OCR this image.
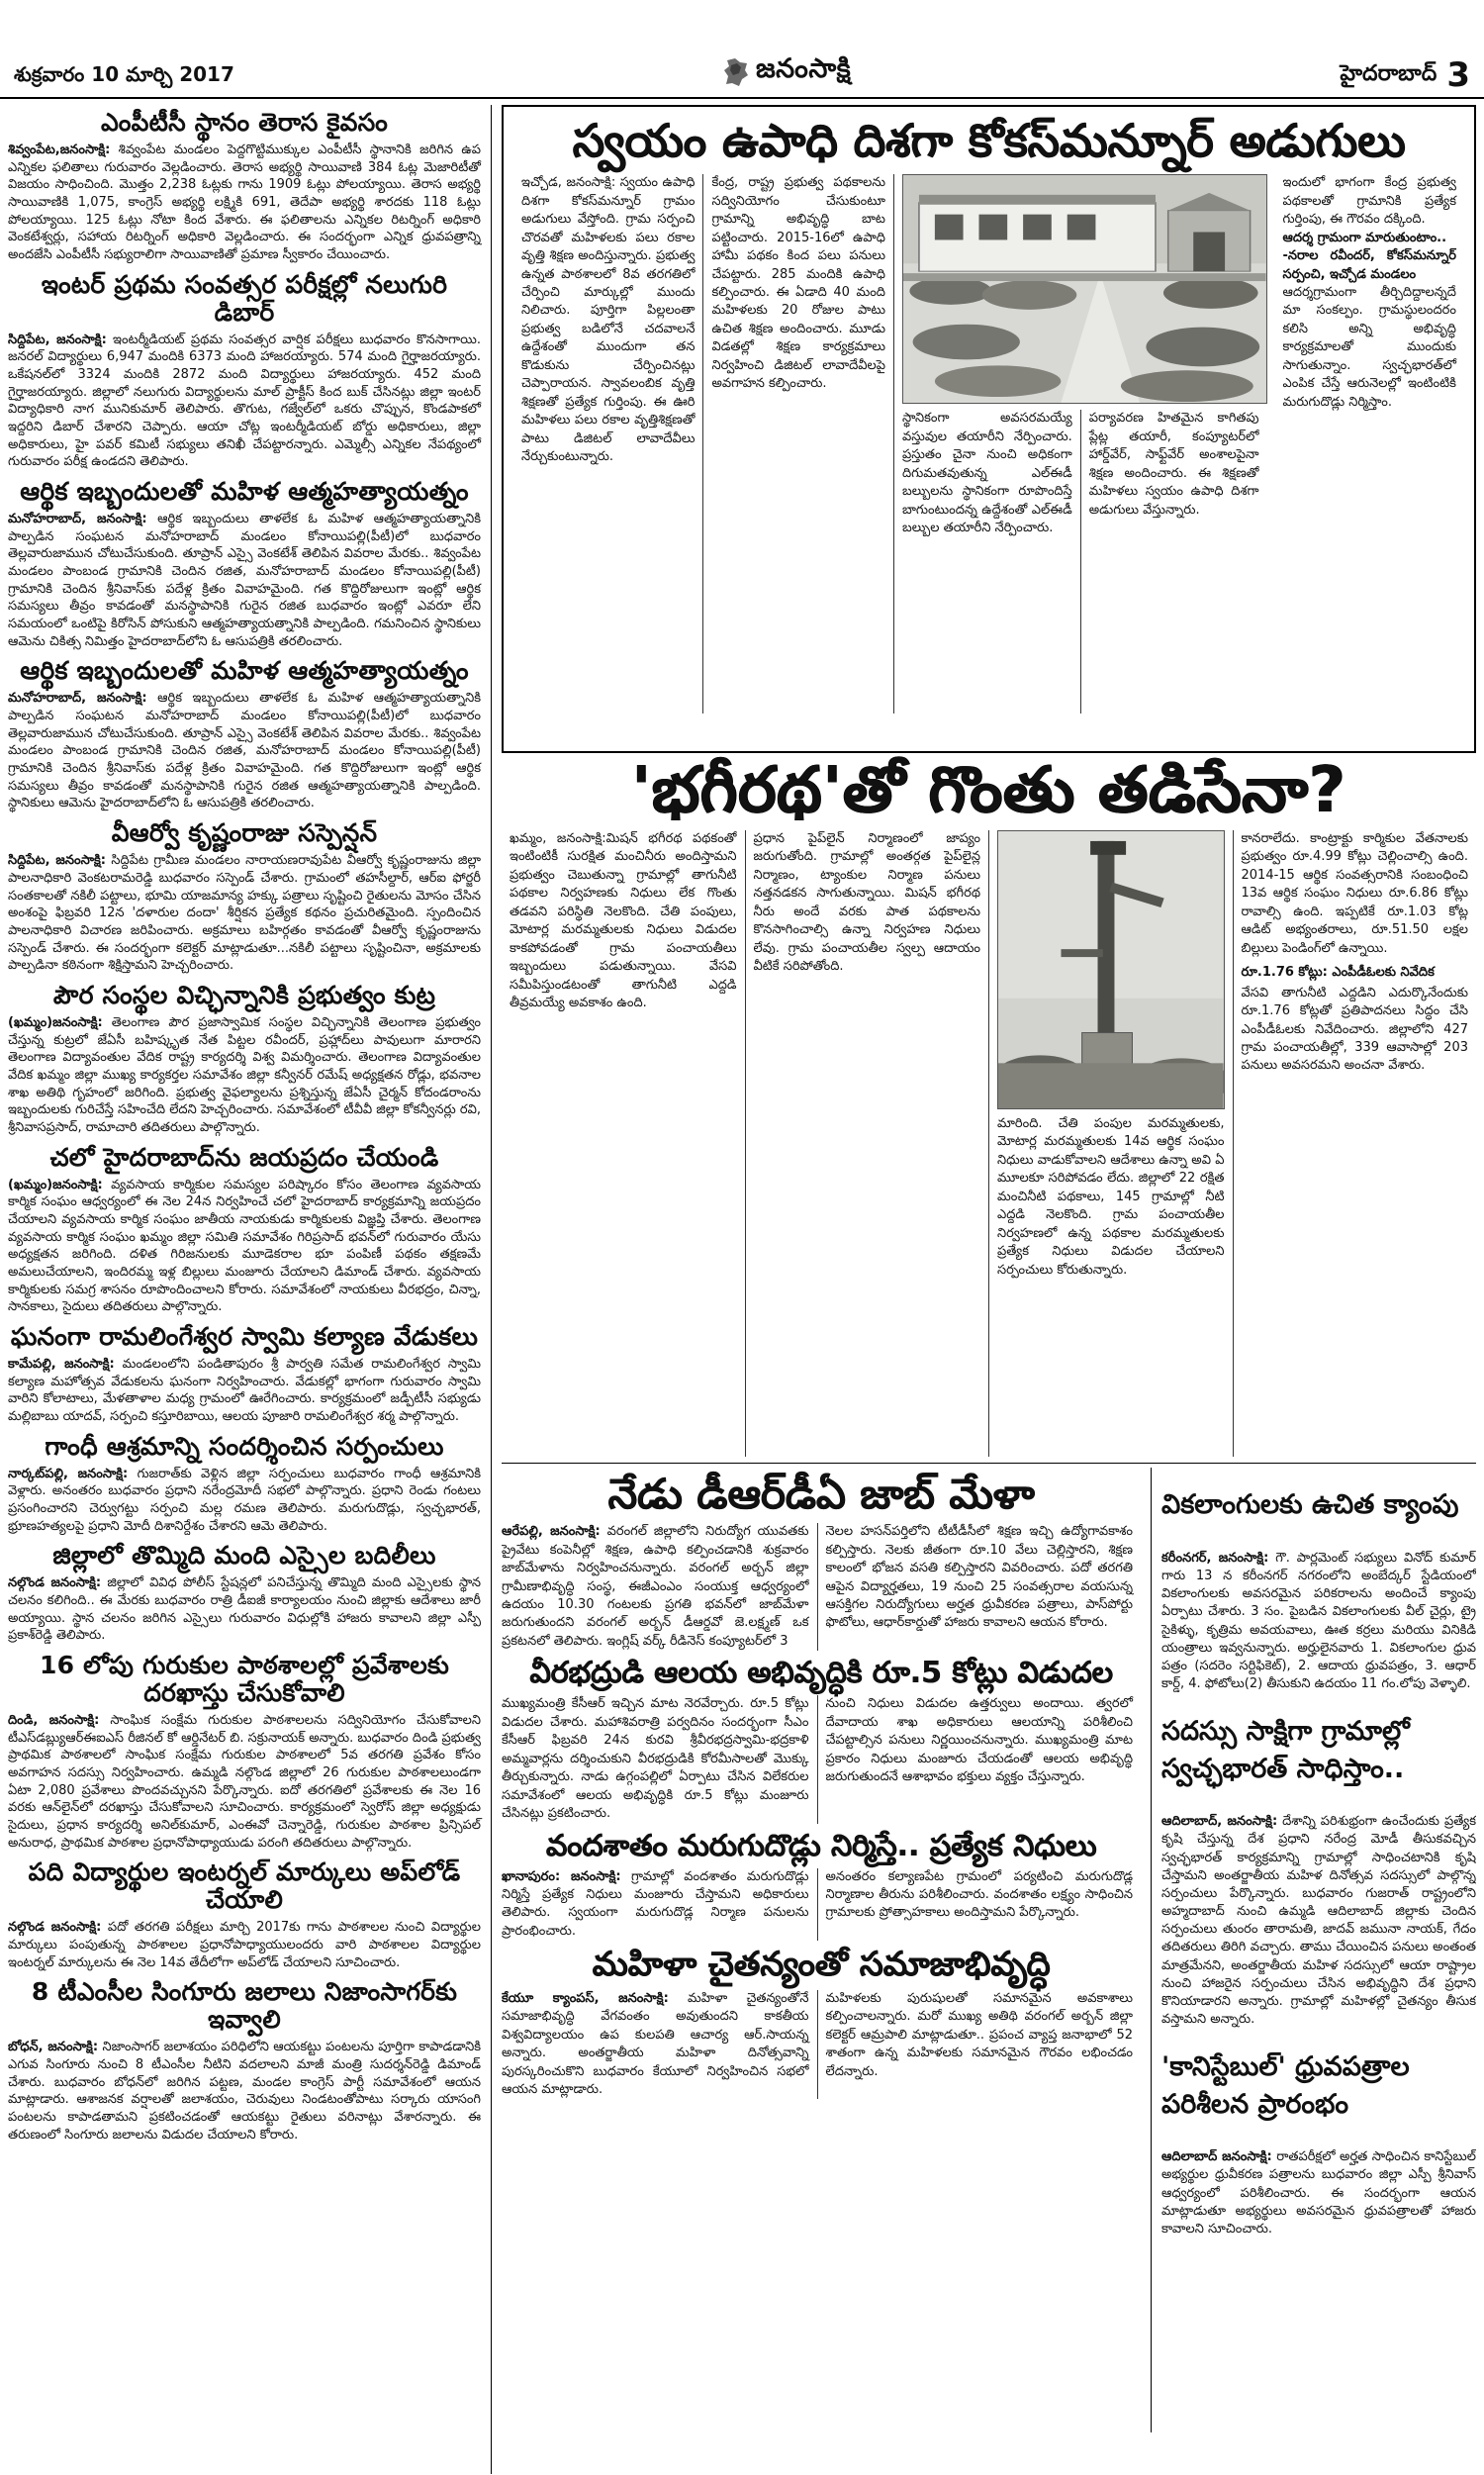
శుక్రవారం 10 మార్చి 2017	జనంసాక్షి	హైదరాబాద్ 3
ఎంపీటీసీ స్థానం తెరాస కైవసం

శివ్వంపేట,జనంసాక్షి: శివ్వంపేట మండలం పెద్దగొట్టిముక్కుల ఎంపీటీసీ స్థానానికి జరిగిన ఉప ఎన్నికల ఫలితాలు గురువారం వెల్లడించారు. తెరాస అభ్యర్థి సాయివాణి 384 ఓట్ల మెజారిటీతో విజయం సాధించింది. మొత్తం 2,238 ఓట్లకు గాను 1909 ఓట్లు పోలయ్యాయి. తెరాస అభ్యర్థి సాయివాణికి 1,075, కాంగ్రెస్ అభ్యర్థి లక్ష్మికి 691, తెదేపా అభ్యర్థి శారదకు 118 ఓట్లు పోలయ్యాయి. 125 ఓట్లు నోటా కింద వేశారు. ఈ ఫలితాలను ఎన్నికల రిటర్నింగ్ అధికారి వెంకటేశ్వర్లు, సహాయ రిటర్నింగ్ అధికారి వెల్లడించారు. ఈ సందర్భంగా ఎన్నిక ధ్రువపత్రాన్ని అందజేసి ఎంపీటీసీ సభ్యురాలిగా సాయివాణితో ప్రమాణ స్వీకారం చేయించారు.

ఇంటర్ ప్రథమ సంవత్సర పరీక్షల్లో నలుగురి డిబార్

సిద్దిపేట, జనంసాక్షి: ఇంటర్మీడియట్ ప్రథమ సంవత్సర వార్షిక పరీక్షలు బుధవారం కొనసాగాయి. జనరల్ విద్యార్థులు 6,947 మందికి 6373 మంది హాజరయ్యారు. 574 మంది గైర్హాజరయ్యారు. ఒకేషనల్‌లో 3324 మందికి 2872 మంది విద్యార్థులు హాజరయ్యారు. 452 మంది గైర్హాజరయ్యారు. జిల్లాలో నలుగురు విద్యార్థులను మాల్ ప్రాక్టీస్ కింద బుక్ చేసినట్లు జిల్లా ఇంటర్ విద్యాధికారి నాగ మునికుమార్ తెలిపారు. తొగుట, గజ్వేల్‌లో ఒకరు చొప్పున, కొండపాకలో ఇద్దరిని డిబార్ చేశారని చెప్పారు. ఆయా చోట్ల ఇంటర్మీడియట్ బోర్డు అధికారులు, జిల్లా అధికారులు, హై పవర్ కమిటీ సభ్యులు తనిఖీ చేపట్టారన్నారు. ఎమ్మెల్సీ ఎన్నికల నేపథ్యంలో గురువారం పరీక్ష ఉండదని తెలిపారు.

ఆర్థిక ఇబ్బందులతో మహిళ ఆత్మహత్యాయత్నం

మనోహరాబాద్, జనంసాక్షి: ఆర్థిక ఇబ్బందులు తాళలేక ఓ మహిళ ఆత్మహత్యాయత్నానికి పాల్పడిన సంఘటన మనోహరాబాద్ మండలం కోనాయిపల్లి(పీటీ)లో బుధవారం తెల్లవారుజామున చోటుచేసుకుంది. తూప్రాన్ ఎస్సై వెంకటేశ్ తెలిపిన వివరాల మేరకు.. శివ్వంపేట మండలం పాంబండ గ్రామానికి చెందిన రజిత, మనోహరాబాద్ మండలం కోనాయిపల్లి(పీటీ) గ్రామానికి చెందిన శ్రీనివాస్‌కు పదేళ్ల క్రితం వివాహమైంది. గత కొద్దిరోజులుగా ఇంట్లో ఆర్థిక సమస్యలు తీవ్రం కావడంతో మనస్థాపానికి గురైన రజిత బుధవారం ఇంట్లో ఎవరూ లేని సమయంలో ఒంటిపై కిరోసిన్ పోసుకుని ఆత్మహత్యాయత్నానికి పాల్పడింది. గమనించిన స్థానికులు ఆమెను చికిత్స నిమిత్తం హైదరాబాద్‌లోని ఓ ఆసుపత్రికి తరలించారు.

ఆర్థిక ఇబ్బందులతో మహిళ ఆత్మహత్యాయత్నం

మనోహరాబాద్, జనంసాక్షి: ఆర్థిక ఇబ్బందులు తాళలేక ఓ మహిళ ఆత్మహత్యాయత్నానికి పాల్పడిన సంఘటన మనోహరాబాద్ మండలం కోనాయిపల్లి(పీటీ)లో బుధవారం తెల్లవారుజామున చోటుచేసుకుంది. తూప్రాన్ ఎస్సై వెంకటేశ్ తెలిపిన వివరాల మేరకు.. శివ్వంపేట మండలం పాంబండ గ్రామానికి చెందిన రజిత, మనోహరాబాద్ మండలం కోనాయిపల్లి(పీటీ) గ్రామానికి చెందిన శ్రీనివాస్‌కు పదేళ్ల క్రితం వివాహమైంది. గత కొద్దిరోజులుగా ఇంట్లో ఆర్థిక సమస్యలు తీవ్రం కావడంతో మనస్థాపానికి గురైన రజిత ఆత్మహత్యాయత్నానికి పాల్పడింది. స్థానికులు ఆమెను హైదరాబాద్‌లోని ఓ ఆసుపత్రికి తరలించారు.

వీఆర్వో కృష్ణంరాజు సస్పెన్షన్

సిద్దిపేట, జనంసాక్షి: సిద్దిపేట గ్రామీణ మండలం నారాయణరావుపేట వీఆర్వో కృష్ణంరాజును జిల్లా పాలనాధికారి వెంకటరామరెడ్డి బుధవారం సస్పెండ్ చేశారు. గ్రామంలో తహసీల్దార్, ఆర్ఐ ఫోర్జరీ సంతకాలతో నకిలీ పట్టాలు, భూమి యాజమాన్య హక్కు పత్రాలు సృష్టించి రైతులను మోసం చేసిన అంశంపై ఫిబ్రవరి 12న 'దళారుల దందా' శీర్షికన ప్రత్యేక కథనం ప్రచురితమైంది. స్పందించిన పాలనాధికారి విచారణ జరిపించారు. అక్రమాలు బహిర్గతం కావడంతో వీఆర్వో కృష్ణంరాజును సస్పెండ్ చేశారు. ఈ సందర్భంగా కలెక్టర్ మాట్లాడుతూ...నకిలీ పట్టాలు సృష్టించినా, అక్రమాలకు పాల్పడినా కఠినంగా శిక్షిస్తామని హెచ్చరించారు.

పౌర సంస్థల విచ్ఛిన్నానికి ప్రభుత్వం కుట్ర

(ఖమ్మం)జనంసాక్షి: తెలంగాణ పౌర ప్రజాస్వామిక సంస్థల విచ్ఛిన్నానికి తెలంగాణ ప్రభుత్వం చేస్తున్న కుట్రలో జేఏసీ బహిష్కృత నేత పిట్టల రవీందర్, ప్రహ్లాద్‌లు పావులుగా మారారని తెలంగాణ విద్యావంతుల వేదిక రాష్ట్ర కార్యదర్శి విశ్వ విమర్శించారు. తెలంగాణ విద్యావంతుల వేదిక ఖమ్మం జిల్లా ముఖ్య కార్యకర్తల సమావేశం జిల్లా కన్వీనర్ రమేష్ అధ్యక్షతన రోడ్లు, భవనాల శాఖ అతిథి గృహంలో జరిగింది. ప్రభుత్వ వైఫల్యాలను ప్రశ్నిస్తున్న జేఏసీ చైర్మన్ కోదండరాంను ఇబ్బందులకు గురిచేస్తే సహించేది లేదని హెచ్చరించారు. సమావేశంలో టీవీవీ జిల్లా కోకన్వీనర్లు రవి, శ్రీనివాసప్రసాద్, రామాచారి తదితరులు పాల్గొన్నారు.

చలో హైదరాబాద్‌ను జయప్రదం చేయండి

(ఖమ్మం)జనంసాక్షి: వ్యవసాయ కార్మికుల సమస్యల పరిష్కారం కోసం తెలంగాణ వ్యవసాయ కార్మిక సంఘం ఆధ్వర్యంలో ఈ నెల 24న నిర్వహించే చలో హైదరాబాద్ కార్యక్రమాన్ని జయప్రదం చేయాలని వ్యవసాయ కార్మిక సంఘం జాతీయ నాయకుడు కార్మికులకు విజ్ఞప్తి చేశారు. తెలంగాణ వ్యవసాయ కార్మిక సంఘం ఖమ్మం జిల్లా సమితి సమావేశం గిరిప్రసాద్ భవన్‌లో గురువారం యేసు అధ్యక్షతన జరిగింది. దళిత గిరిజనులకు మూడెకరాల భూ పంపిణీ పథకం తక్షణమే అమలుచేయాలని, ఇందిరమ్మ ఇళ్ల బిల్లులు మంజూరు చేయాలని డిమాండ్ చేశారు. వ్యవసాయ కార్మికులకు సమగ్ర శాసనం రూపొందించాలని కోరారు. సమావేశంలో నాయకులు వీరభద్రం, చిన్నా, సానకాలు, సైదులు తదితరులు పాల్గొన్నారు.

ఘనంగా రామలింగేశ్వర స్వామి కల్యాణ వేడుకలు

కామేపల్లి, జనంసాక్షి: మండలంలోని పండితాపురం శ్రీ పార్వతి సమేత రామలింగేశ్వర స్వామి కల్యాణ మహోత్సవ వేడుకలను ఘనంగా నిర్వహించారు. వేడుకల్లో భాగంగా గురువారం స్వామి వారిని కోలాటాలు, మేళతాళాల మధ్య గ్రామంలో ఊరేగించారు. కార్యక్రమంలో జడ్పీటీసీ సభ్యుడు మల్లిబాబు యాదవ్, సర్పంచి కస్తూరిబాయి, ఆలయ పూజారి రామలింగేశ్వర శర్మ పాల్గొన్నారు.

గాంధీ ఆశ్రమాన్ని సందర్శించిన సర్పంచులు

నార్కట్‌పల్లి, జనంసాక్షి: గుజరాత్‌కు వెళ్లిన జిల్లా సర్పంచులు బుధవారం గాంధీ ఆశ్రమానికి వెళ్లారు. అనంతరం బుధవారం ప్రధాని నరేంద్రమోదీ సభలో పాల్గొన్నారు. ప్రధాని రెండు గంటలు ప్రసంగించారని చెర్వుగట్టు సర్పంచి మల్ల రమణ తెలిపారు. మరుగుదొడ్లు, స్వచ్ఛభారత్, భ్రూణహత్యలపై ప్రధాని మోదీ దిశానిర్దేశం చేశారని ఆమె తెలిపారు.

జిల్లాలో తొమ్మిది మంది ఎస్సైల బదిలీలు

నల్గొండ జనంసాక్షి: జిల్లాలో వివిధ పోలీస్ స్టేషన్లలో పనిచేస్తున్న తొమ్మిది మంది ఎస్సైలకు స్థాన చలనం కలిగింది.. ఈ మేరకు బుధవారం రాత్రి డీఐజీ కార్యాలయం నుంచి జిల్లాకు ఆదేశాలు జారీ అయ్యాయి. స్థాన చలనం జరిగిన ఎస్సైలు గురువారం విధుల్లోకి హాజరు కావాలని జిల్లా ఎస్పీ ప్రకాశ్‌రెడ్డి తెలిపారు.

16 లోపు గురుకుల పాఠశాలల్లో ప్రవేశాలకు దరఖాస్తు చేసుకోవాలి

దిండి, జనంసాక్షి: సాంఘిక సంక్షేమ గురుకుల పాఠశాలలను సద్వినియోగం చేసుకోవాలని టీఎస్‌డబ్ల్యుఆర్ఈఐఎస్ రీజినల్ కో ఆర్డినేటర్ బి. సక్రునాయక్ అన్నారు. బుధవారం దిండి ప్రభుత్వ ప్రాథమిక పాఠశాలలో సాంఘిక సంక్షేమ గురుకుల పాఠశాలలో 5వ తరగతి ప్రవేశం కోసం అవగాహన సదస్సు నిర్వహించారు. ఉమ్మడి నల్గొండ జిల్లాలో 26 గురుకుల పాఠశాలలుండగా ఏటా 2,080 ప్రవేశాలు పొందవచ్చునని పేర్కొన్నారు. ఐదో తరగతిలో ప్రవేశాలకు ఈ నెల 16 వరకు ఆన్‌లైన్‌లో దరఖాస్తు చేసుకోవాలని సూచించారు. కార్యక్రమంలో స్వెరోస్ జిల్లా అధ్యక్షుడు సైదులు, ప్రధాన కార్యదర్శి అనిల్‌కుమార్, ఎంఈవో చెన్నారెడ్డి, గురుకుల పాఠశాల ప్రిన్సిపల్ అనురాధ, ప్రాథమిక పాఠశాల ప్రధానోపాధ్యాయుడు పరంగి తదితరులు పాల్గొన్నారు.

పది విద్యార్థుల ఇంటర్నల్ మార్కులు అప్‌లోడ్ చేయాలి

నల్గొండ జనంసాక్షి: పదో తరగతి పరీక్షలు మార్చి 2017కు గాను పాఠశాలల నుంచి విద్యార్థుల మార్కులు పంపుతున్న పాఠశాలల ప్రధానోపాధ్యాయులందరు వారి పాఠశాలల విద్యార్థుల ఇంటర్నల్ మార్కులను ఈ నెల 14వ తేదీలోగా అప్‌లోడ్ చేయాలని సూచించారు.

8 టీఎంసీల సింగూరు జలాలు నిజాంసాగర్‌కు ఇవ్వాలి

బోధన్, జనంసాక్షి: నిజాంసాగర్ జలాశయం పరిధిలోని ఆయకట్టు పంటలను పూర్తిగా కాపాడడానికి ఎగువ సింగూరు నుంచి 8 టీఎంసీల నీటిని వదలాలని మాజీ మంత్రి సుదర్శన్‌రెడ్డి డిమాండ్ చేశారు. బుధవారం బోధన్‌లో జరిగిన పట్టణ, మండల కాంగ్రెస్ పార్టీ సమావేశంలో ఆయన మాట్లాడారు. ఆశాజనక వర్షాలతో జలాశయం, చెరువులు నిండటంతోపాటు సర్కారు యాసంగి పంటలను కాపాడతామని ప్రకటించడంతో ఆయకట్టు రైతులు వరినాట్లు వేశారన్నారు. ఈ తరుణంలో సింగూరు జలాలను విడుదల చేయాలని కోరారు.

స్వయం ఉపాధి దిశగా కోకస్‌మన్నూర్ అడుగులు
ఇచ్చోడ, జనంసాక్షి: స్వయం ఉపాధి దిశగా కోకస్‌మన్నూర్ గ్రామం అడుగులు వేస్తోంది. గ్రామ సర్పంచి చొరవతో మహిళలకు పలు రకాల వృత్తి శిక్షణ అందిస్తున్నారు. ప్రభుత్వ ఉన్నత పాఠశాలలో 8వ తరగతిలో చేర్పించి మార్కుల్లో ముందు నిలిచారు. పూర్తిగా పిల్లలంతా ప్రభుత్వ బడిలోనే చదవాలనే ఉద్దేశంతో ముందుగా తన కొడుకును చేర్పించినట్లు చెప్పారాయన. స్వావలంబిక వృత్తి శిక్షణతో ప్రత్యేక గుర్తింపు. ఈ ఊరి మహిళలు పలు రకాల వృత్తిశిక్షణతో పాటు డిజిటల్ లావాదేవీలు నేర్చుకుంటున్నారు.
కేంద్ర, రాష్ట్ర ప్రభుత్వ పథకాలను సద్వినియోగం చేసుకుంటూ గ్రామాన్ని అభివృద్ధి బాట పట్టించారు. 2015-16లో ఉపాధి హామీ పథకం కింద పలు పనులు చేపట్టారు. 285 మందికి ఉపాధి కల్పించారు. ఈ ఏడాది 40 మంది మహిళలకు 20 రోజుల పాటు ఉచిత శిక్షణ అందించారు. మూడు విడతల్లో శిక్షణ కార్యక్రమాలు నిర్వహించి డిజిటల్ లావాదేవీలపై అవగాహన కల్పించారు.
స్థానికంగా అవసరమయ్యే వస్తువుల తయారీని నేర్పించారు. ప్రస్తుతం చైనా నుంచి అధికంగా దిగుమతవుతున్న ఎల్‌ఈడీ బల్బులను స్థానికంగా రూపొందిస్తే బాగుంటుందన్న ఉద్దేశంతో ఎల్‌ఈడీ బల్బుల తయారీని నేర్పించారు.
పర్యావరణ హితమైన కాగితపు ప్లేట్ల తయారీ, కంప్యూటర్‌లో హార్డ్‌వేర్, సాఫ్ట్‌వేర్ అంశాలపైనా శిక్షణ అందించారు. ఈ శిక్షణతో మహిళలు స్వయం ఉపాధి దిశగా అడుగులు వేస్తున్నారు.
ఇందులో భాగంగా కేంద్ర ప్రభుత్వ పథకాలతో గ్రామానికి ప్రత్యేక గుర్తింపు, ఈ గౌరవం దక్కింది.
ఆదర్శ గ్రామంగా మారుతుంటాం..
-నరాల రవీందర్, కోకస్‌మన్నూర్ సర్పంచి, ఇచ్చోడ మండలం
ఆదర్శగ్రామంగా తీర్చిదిద్దాలన్నదే మా సంకల్పం. గ్రామస్థులందరం కలిసి అన్ని అభివృద్ధి కార్యక్రమాలతో ముందుకు సాగుతున్నాం. స్వచ్ఛభారత్‌లో ఎంపిక చేస్తే ఆరునెలల్లో ఇంటింటికి మరుగుదొడ్లు నిర్మిస్తాం.
'భగీరథ'తో గొంతు తడిసేనా?
ఖమ్మం, జనంసాక్షి:మిషన్ భగీరథ పథకంతో ఇంటింటికీ సురక్షిత మంచినీరు అందిస్తామని ప్రభుత్వం చెబుతున్నా గ్రామాల్లో తాగునీటి పథకాల నిర్వహణకు నిధులు లేక గొంతు తడవని పరిస్థితి నెలకొంది. చేతి పంపులు, మోటార్ల మరమ్మతులకు నిధులు విడుదల కాకపోవడంతో గ్రామ పంచాయతీలు ఇబ్బందులు పడుతున్నాయి. వేసవి సమీపిస్తుండటంతో తాగునీటి ఎద్దడి తీవ్రమయ్యే అవకాశం ఉంది.
ప్రధాన పైప్‌లైన్ నిర్మాణంలో జాప్యం జరుగుతోంది. గ్రామాల్లో అంతర్గత పైప్‌లైన్ల నిర్మాణం, ట్యాంకుల నిర్మాణ పనులు నత్తనడకన సాగుతున్నాయి. మిషన్ భగీరథ నీరు అందే వరకు పాత పథకాలను కొనసాగించాల్సి ఉన్నా నిర్వహణ నిధులు లేవు. గ్రామ పంచాయతీల స్వల్ప ఆదాయం వీటికే సరిపోతోంది.
మారింది. చేతి పంపుల మరమ్మతులకు, మోటార్ల మరమ్మతులకు 14వ ఆర్థిక సంఘం నిధులు వాడుకోవాలని ఆదేశాలు ఉన్నా అవి ఏ మూలకూ సరిపోవడం లేదు. జిల్లాలో 22 రక్షిత మంచినీటి పథకాలు, 145 గ్రామాల్లో నీటి ఎద్దడి నెలకొంది. గ్రామ పంచాయతీల నిర్వహణలో ఉన్న పథకాల మరమ్మతులకు ప్రత్యేక నిధులు విడుదల చేయాలని సర్పంచులు కోరుతున్నారు.
కానరాలేదు. కాంట్రాక్టు కార్మికుల వేతనాలకు ప్రభుత్వం రూ.4.99 కోట్లు చెల్లించాల్సి ఉంది. 2014-15 ఆర్థిక సంవత్సరానికి సంబంధించి 13వ ఆర్థిక సంఘం నిధులు రూ.6.86 కోట్లు రావాల్సి ఉంది. ఇప్పటికే రూ.1.03 కోట్ల ఆడిట్ అభ్యంతరాలు, రూ.51.50 లక్షల బిల్లులు పెండింగ్‌లో ఉన్నాయి.
రూ.1.76 కోట్లు: ఎంపీడీఓలకు నివేదిక
వేసవి తాగునీటి ఎద్దడిని ఎదుర్కొనేందుకు రూ.1.76 కోట్లతో ప్రతిపాదనలు సిద్ధం చేసి ఎంపీడీఓలకు నివేదించారు. జిల్లాలోని 427 గ్రామ పంచాయతీల్లో, 339 ఆవాసాల్లో 203 పనులు అవసరమని అంచనా వేశారు.
నేడు డీఆర్‌డీఏ జాబ్ మేళా
ఆరేపల్లి, జనంసాక్షి: వరంగల్ జిల్లాలోని నిరుద్యోగ యువతకు ప్రైవేటు కంపెనీల్లో శిక్షణ, ఉపాధి కల్పించడానికి శుక్రవారం జాబ్‌మేళాను నిర్వహించనున్నారు. వరంగల్ అర్బన్ జిల్లా గ్రామీణాభివృద్ధి సంస్థ, ఈజీఎంఎం సంయుక్త ఆధ్వర్యంలో ఉదయం 10.30 గంటలకు ప్రగతి భవన్‌లో జాబ్‌మేళా జరుగుతుందని వరంగల్ అర్బన్ డీఆర్డవో జె.లక్ష్మణ్ ఒక ప్రకటనలో తెలిపారు. ఇంగ్లిష్ వర్క్ రీడినెస్ కంప్యూటర్‌లో 3
నెలల హసన్‌పర్తిలోని టీటీడీసీలో శిక్షణ ఇచ్చి ఉద్యోగావకాశం కల్పిస్తారు. నెలకు జీతంగా రూ.10 వేలు చెల్లిస్తారని, శిక్షణ కాలంలో భోజన వసతి కల్పిస్తారని వివరించారు. పదో తరగతి ఆపైన విద్యార్హతలు, 19 నుంచి 25 సంవత్సరాల వయసున్న ఆసక్తిగల నిరుద్యోగులు అర్హత ధ్రువీకరణ పత్రాలు, పాస్‌పోర్టు ఫొటోలు, ఆధార్‌కార్డుతో హాజరు కావాలని ఆయన కోరారు.
వీరభద్రుడి ఆలయ అభివృద్ధికి రూ.5 కోట్లు విడుదల
ముఖ్యమంత్రి కేసీఆర్ ఇచ్చిన మాట నెరవేర్చారు. రూ.5 కోట్లు విడుదల చేశారు. మహాశివరాత్రి పర్వదినం సందర్భంగా సీఎం కేసీఆర్ ఫిబ్రవరి 24న కురవి శ్రీవీరభద్రస్వామి-భద్రకాళి అమ్మవార్లను దర్శించుకుని వీరభద్రుడికి కోరమీసాలతో మొక్కు తీర్చుకున్నారు. నాడు ఉగ్గంపల్లిలో ఏర్పాటు చేసిన విలేకరుల సమావేశంలో ఆలయ అభివృద్ధికి రూ.5 కోట్లు మంజూరు చేసినట్లు ప్రకటించారు.
నుంచి నిధులు విడుదల ఉత్తర్వులు అందాయి. త్వరలో దేవాదాయ శాఖ అధికారులు ఆలయాన్ని పరిశీలించి చేపట్టాల్సిన పనులు నిర్ణయించనున్నారు. ముఖ్యమంత్రి మాట ప్రకారం నిధులు మంజూరు చేయడంతో ఆలయ అభివృద్ధి జరుగుతుందనే ఆశాభావం భక్తులు వ్యక్తం చేస్తున్నారు.
వందశాతం మరుగుదొడ్లు నిర్మిస్తే.. ప్రత్యేక నిధులు
ఖానాపురం: జనంసాక్షి: గ్రామాల్లో వందశాతం మరుగుదొడ్లు నిర్మిస్తే ప్రత్యేక నిధులు మంజూరు చేస్తామని అధికారులు తెలిపారు. స్వయంగా మరుగుదొడ్ల నిర్మాణ పనులను ప్రారంభించారు.
అనంతరం కల్యాణపేట గ్రామంలో పర్యటించి మరుగుదొడ్ల నిర్మాణాల తీరును పరిశీలించారు. వందశాతం లక్ష్యం సాధించిన గ్రామాలకు ప్రోత్సాహకాలు అందిస్తామని పేర్కొన్నారు.
మహిళా చైతన్యంతో సమాజాభివృద్ధి
కేయూ క్యాంపస్, జనంసాక్షి: మహిళా చైతన్యంతోనే సమాజాభివృద్ధి వేగవంతం అవుతుందని కాకతీయ విశ్వవిద్యాలయం ఉప కులపతి ఆచార్య ఆర్.సాయన్న అన్నారు. అంతర్జాతీయ మహిళా దినోత్సవాన్ని పురస్కరించుకొని బుధవారం కేయూలో నిర్వహించిన సభలో ఆయన మాట్లాడారు.
మహిళలకు పురుషులతో సమానమైన అవకాశాలు కల్పించాలన్నారు. మరో ముఖ్య అతిథి వరంగల్ అర్బన్ జిల్లా కలెక్టర్ ఆమ్రపాలి మాట్లాడుతూ.. ప్రపంచ వ్యాప్త జనాభాలో 52 శాతంగా ఉన్న మహిళలకు సమానమైన గౌరవం లభించడం లేదన్నారు.
వికలాంగులకు ఉచిత క్యాంపు

కరీంనగర్, జనంసాక్షి: గౌ. పార్లమెంట్ సభ్యులు వినోద్ కుమార్ గారు 13 న కరీంనగర్ నగరంలోని అంబేద్కర్ స్టేడియంలో వికలాంగులకు అవసరమైన పరికరాలను అందించే క్యాంపు ఏర్పాటు చేశారు. 3 సం. పైబడిన వికలాంగులకు వీల్ చైర్లు, ట్రై సైకిళ్ళు, కృత్రిమ అవయవాలు, ఊత కర్రలు మరియు వినికిడి యంత్రాలు ఇవ్వనున్నారు. అర్హులైనవారు 1. వికలాంగుల ధ్రువ పత్రం (సదరెం సర్టిఫికెట్), 2. ఆదాయ ధ్రువపత్రం, 3. ఆధార్ కార్డ్, 4. ఫోటోలు(2) తీసుకుని ఉదయం 11 గం.లోపు వెళ్ళాలి.

సదస్సు సాక్షిగా గ్రామాల్లో స్వచ్ఛభారత్ సాధిస్తాం..

ఆదిలాబాద్, జనంసాక్షి: దేశాన్ని పరిశుభ్రంగా ఉంచేందుకు ప్రత్యేక కృషి చేస్తున్న దేశ ప్రధాని నరేంద్ర మోడీ తీసుకవచ్చిన స్వచ్ఛభారత్ కార్యక్రమాన్ని గ్రామాల్లో సాధించటానికి కృషి చేస్తామని అంతర్జాతీయ మహిళ దినోత్సవ సదస్సులో పాల్గొన్న సర్పంచులు పేర్కొన్నారు. బుధవారం గుజరాత్ రాష్ట్రంలోని అహ్మదాబాద్ నుంచి ఉమ్మడి ఆదిలాబాద్ జిల్లాకు చెందిన సర్పంచులు తుంరం తారామతి, జాదవ్ జమునా నాయక్, గేదం తదితరులు తిరిగి వచ్చారు. తాము చేయించిన పనులు అంతంత మాత్రమేనని, అంతర్జాతీయ మహిళ సదస్సులో ఆయా రాష్ట్రాల నుంచి హాజరైన సర్పంచులు చేసిన అభివృద్ధిని దేశ ప్రధాని కొనియాడారని అన్నారు. గ్రామాల్లో మహిళల్లో చైతన్యం తీసుక వస్తామని అన్నారు.

'కానిస్టేబుల్' ధ్రువపత్రాల పరిశీలన ప్రారంభం

ఆదిలాబాద్ జనంసాక్షి: రాతపరీక్షలో అర్హత సాధించిన కానిస్టేబుల్ అభ్యర్థుల ధ్రువీకరణ పత్రాలను బుధవారం జిల్లా ఎస్పీ శ్రీనివాస్ ఆధ్వర్యంలో పరిశీలించారు. ఈ సందర్భంగా ఆయన మాట్లాడుతూ అభ్యర్థులు అవసరమైన ధ్రువపత్రాలతో హాజరు కావాలని సూచించారు.
